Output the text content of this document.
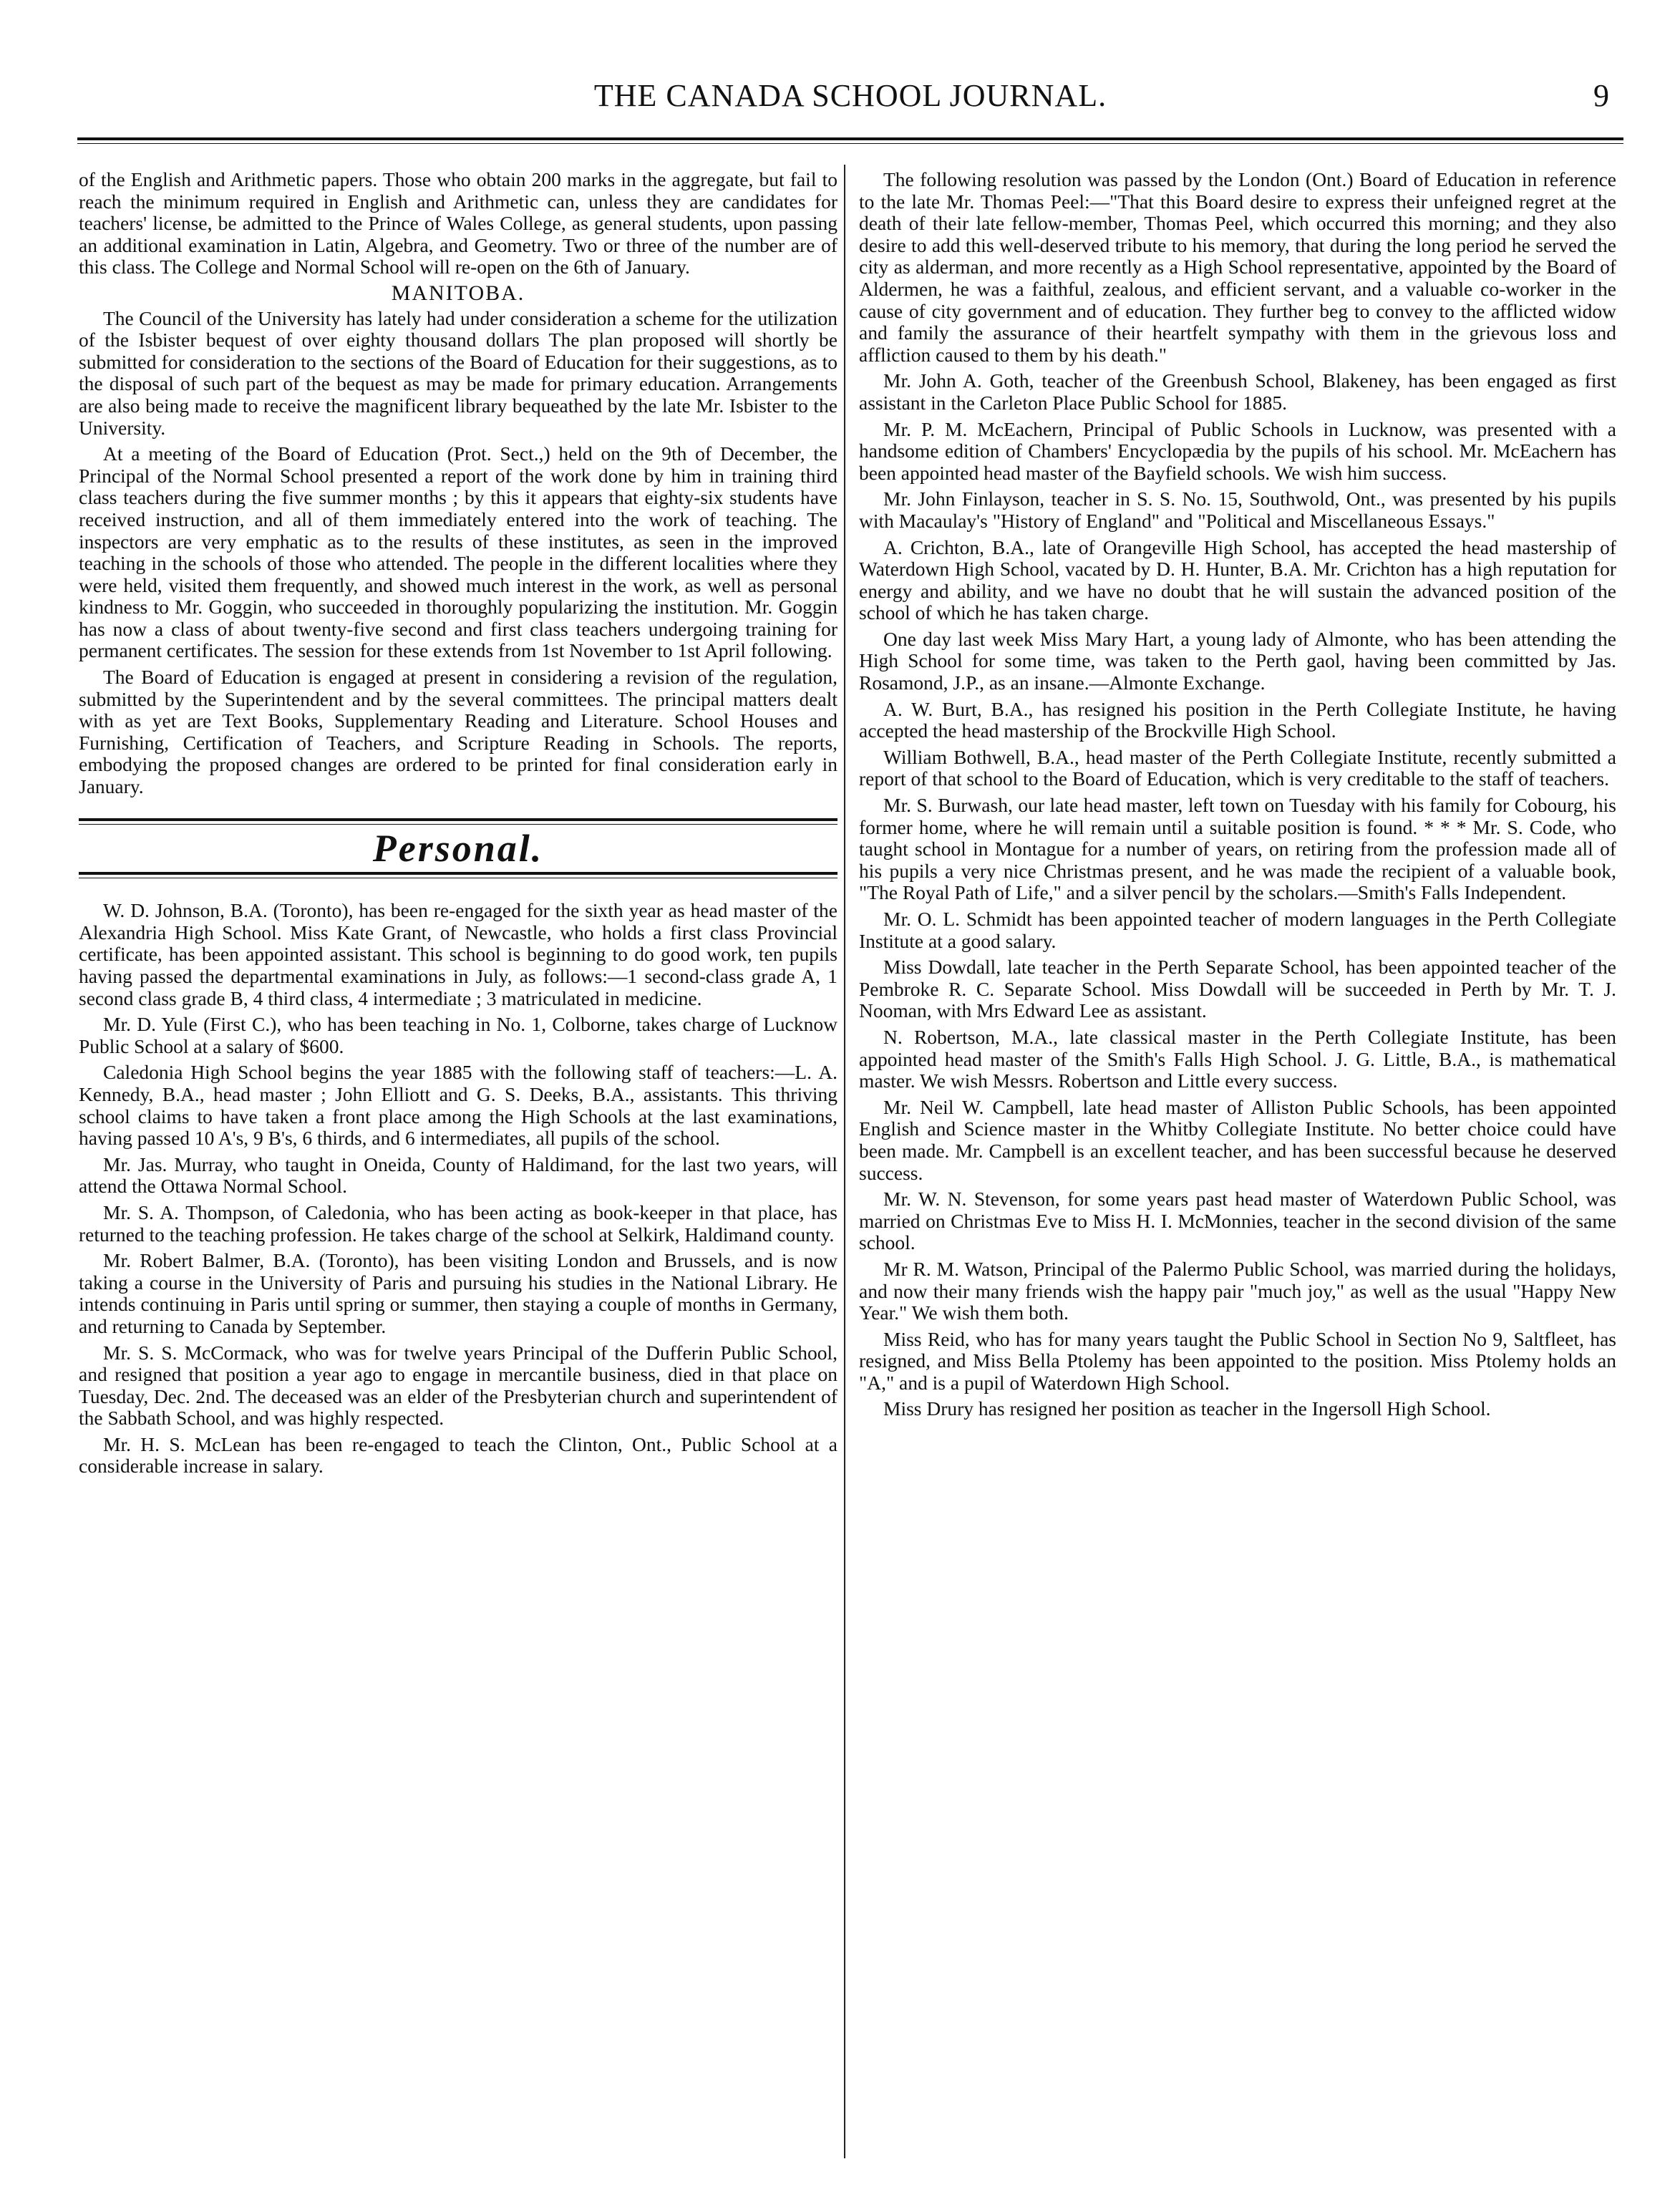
THE CANADA SCHOOL JOURNAL.	9

of the English and Arithmetic papers. Those who obtain 200 marks in the aggregate, but fail to reach the minimum required in English and Arithmetic can, unless they are candidates for teachers' license, be admitted to the Prince of Wales College, as general students, upon passing an additional examination in Latin, Algebra, and Geometry. Two or three of the number are of this class. The College and Normal School will re-open on the 6th of January.

MANITOBA.

The Council of the University has lately had under consideration a scheme for the utilization of the Isbister bequest of over eighty thousand dollars The plan proposed will shortly be submitted for consideration to the sections of the Board of Education for their suggestions, as to the disposal of such part of the bequest as may be made for primary education. Arrangements are also being made to receive the magnificent library bequeathed by the late Mr. Isbister to the University.

At a meeting of the Board of Education (Prot. Sect.,) held on the 9th of December, the Principal of the Normal School presented a report of the work done by him in training third class teachers during the five summer months ; by this it appears that eighty-six students have received instruction, and all of them immediately entered into the work of teaching. The inspectors are very emphatic as to the results of these institutes, as seen in the improved teaching in the schools of those who attended. The people in the different localities where they were held, visited them frequently, and showed much interest in the work, as well as personal kindness to Mr. Goggin, who succeeded in thoroughly popularizing the institution. Mr. Goggin has now a class of about twenty-five second and first class teachers undergoing training for permanent certificates. The session for these extends from 1st November to 1st April following.

The Board of Education is engaged at present in considering a revision of the regulation, submitted by the Superintendent and by the several committees. The principal matters dealt with as yet are Text Books, Supplementary Reading and Literature. School Houses and Furnishing, Certification of Teachers, and Scripture Reading in Schools. The reports, embodying the proposed changes are ordered to be printed for final consideration early in January.

Personal.

W. D. Johnson, B.A. (Toronto), has been re-engaged for the sixth year as head master of the Alexandria High School. Miss Kate Grant, of Newcastle, who holds a first class Provincial certificate, has been appointed assistant. This school is beginning to do good work, ten pupils having passed the departmental examinations in July, as follows:—1 second-class grade A, 1 second class grade B, 4 third class, 4 intermediate ; 3 matriculated in medicine.

Mr. D. Yule (First C.), who has been teaching in No. 1, Colborne, takes charge of Lucknow Public School at a salary of $600.

Caledonia High School begins the year 1885 with the following staff of teachers:—L. A. Kennedy, B.A., head master ; John Elliott and G. S. Deeks, B.A., assistants. This thriving school claims to have taken a front place among the High Schools at the last examinations, having passed 10 A's, 9 B's, 6 thirds, and 6 intermediates, all pupils of the school.

Mr. Jas. Murray, who taught in Oneida, County of Haldimand, for the last two years, will attend the Ottawa Normal School.

Mr. S. A. Thompson, of Caledonia, who has been acting as book-keeper in that place, has returned to the teaching profession. He takes charge of the school at Selkirk, Haldimand county.

Mr. Robert Balmer, B.A. (Toronto), has been visiting London and Brussels, and is now taking a course in the University of Paris and pursuing his studies in the National Library. He intends continuing in Paris until spring or summer, then staying a couple of months in Germany, and returning to Canada by September.

Mr. S. S. McCormack, who was for twelve years Principal of the Dufferin Public School, and resigned that position a year ago to engage in mercantile business, died in that place on Tuesday, Dec. 2nd. The deceased was an elder of the Presbyterian church and superintendent of the Sabbath School, and was highly respected.

Mr. H. S. McLean has been re-engaged to teach the Clinton, Ont., Public School at a considerable increase in salary.

The following resolution was passed by the London (Ont.) Board of Education in reference to the late Mr. Thomas Peel:—"That this Board desire to express their unfeigned regret at the death of their late fellow-member, Thomas Peel, which occurred this morning; and they also desire to add this well-deserved tribute to his memory, that during the long period he served the city as alderman, and more recently as a High School representative, appointed by the Board of Aldermen, he was a faithful, zealous, and efficient servant, and a valuable co-worker in the cause of city government and of education. They further beg to convey to the afflicted widow and family the assurance of their heartfelt sympathy with them in the grievous loss and affliction caused to them by his death."

Mr. John A. Goth, teacher of the Greenbush School, Blakeney, has been engaged as first assistant in the Carleton Place Public School for 1885.

Mr. P. M. McEachern, Principal of Public Schools in Lucknow, was presented with a handsome edition of Chambers' Encyclopædia by the pupils of his school. Mr. McEachern has been appointed head master of the Bayfield schools. We wish him success.

Mr. John Finlayson, teacher in S. S. No. 15, Southwold, Ont., was presented by his pupils with Macaulay's "History of England" and "Political and Miscellaneous Essays."

A. Crichton, B.A., late of Orangeville High School, has accepted the head mastership of Waterdown High School, vacated by D. H. Hunter, B.A. Mr. Crichton has a high reputation for energy and ability, and we have no doubt that he will sustain the advanced position of the school of which he has taken charge.

One day last week Miss Mary Hart, a young lady of Almonte, who has been attending the High School for some time, was taken to the Perth gaol, having been committed by Jas. Rosamond, J.P., as an insane.—Almonte Exchange.

A. W. Burt, B.A., has resigned his position in the Perth Collegiate Institute, he having accepted the head mastership of the Brockville High School.

William Bothwell, B.A., head master of the Perth Collegiate Institute, recently submitted a report of that school to the Board of Education, which is very creditable to the staff of teachers.

Mr. S. Burwash, our late head master, left town on Tuesday with his family for Cobourg, his former home, where he will remain until a suitable position is found. * * * Mr. S. Code, who taught school in Montague for a number of years, on retiring from the profession made all of his pupils a very nice Christmas present, and he was made the recipient of a valuable book, "The Royal Path of Life," and a silver pencil by the scholars.—Smith's Falls Independent.

Mr. O. L. Schmidt has been appointed teacher of modern languages in the Perth Collegiate Institute at a good salary.

Miss Dowdall, late teacher in the Perth Separate School, has been appointed teacher of the Pembroke R. C. Separate School. Miss Dowdall will be succeeded in Perth by Mr. T. J. Nooman, with Mrs Edward Lee as assistant.

N. Robertson, M.A., late classical master in the Perth Collegiate Institute, has been appointed head master of the Smith's Falls High School. J. G. Little, B.A., is mathematical master. We wish Messrs. Robertson and Little every success.

Mr. Neil W. Campbell, late head master of Alliston Public Schools, has been appointed English and Science master in the Whitby Collegiate Institute. No better choice could have been made. Mr. Campbell is an excellent teacher, and has been successful because he deserved success.

Mr. W. N. Stevenson, for some years past head master of Waterdown Public School, was married on Christmas Eve to Miss H. I. McMonnies, teacher in the second division of the same school.

Mr R. M. Watson, Principal of the Palermo Public School, was married during the holidays, and now their many friends wish the happy pair "much joy," as well as the usual "Happy New Year." We wish them both.

Miss Reid, who has for many years taught the Public School in Section No 9, Saltfleet, has resigned, and Miss Bella Ptolemy has been appointed to the position. Miss Ptolemy holds an "A," and is a pupil of Waterdown High School.

Miss Drury has resigned her position as teacher in the Ingersoll High School.
